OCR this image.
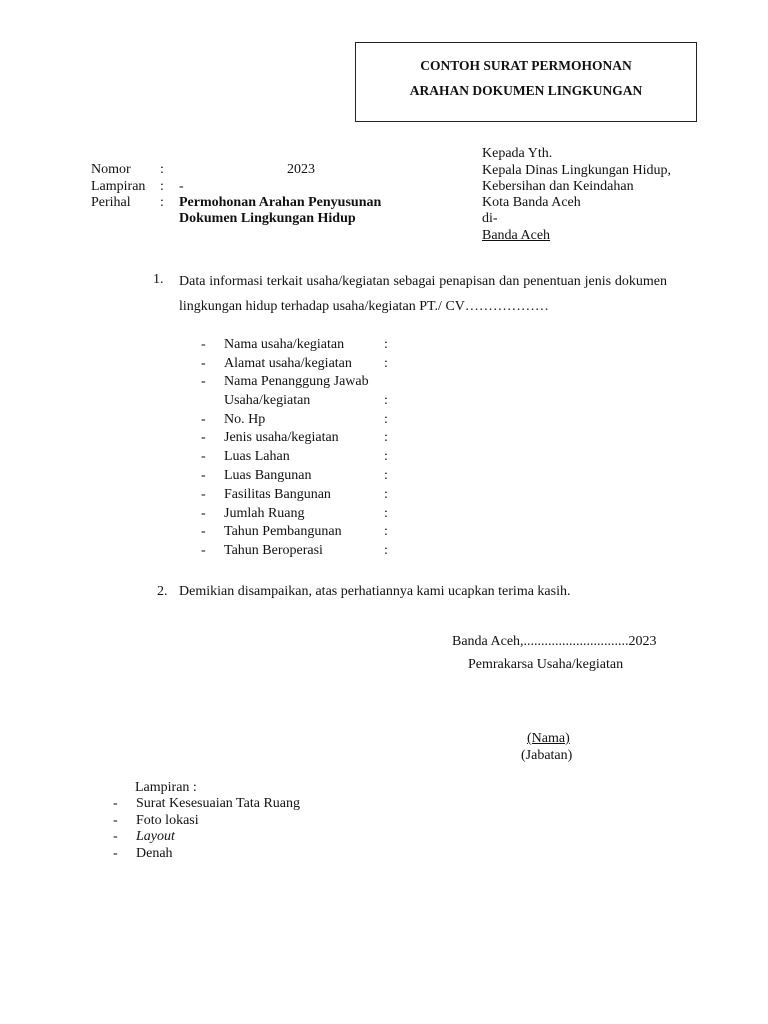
CONTOH SURAT PERMOHONAN
ARAHAN DOKUMEN LINGKUNGAN
Nomor :	2023
Lampiran : -
Perihal : Permohonan Arahan Penyusunan
Dokumen Lingkungan Hidup
Kepada Yth.
Kepala Dinas Lingkungan Hidup,
Kebersihan dan Keindahan
Kota Banda Aceh
di-
Banda Aceh
1. Data informasi terkait usaha/kegiatan sebagai penapisan dan penentuan jenis dokumen lingkungan hidup terhadap usaha/kegiatan PT./ CV………………
- Nama usaha/kegiatan	:
- Alamat usaha/kegiatan :
- Nama Penanggung Jawab
Usaha/kegiatan	:
- No. Hp	:
- Jenis usaha/kegiatan	:
- Luas Lahan	:
- Luas Bangunan	:
- Fasilitas Bangunan	:
- Jumlah Ruang	:
- Tahun Pembangunan	:
- Tahun Beroperasi	:
2. Demikian disampaikan, atas perhatiannya kami ucapkan terima kasih.
Banda Aceh,..............................2023
Pemrakarsa Usaha/kegiatan
(Nama)
(Jabatan)
Lampiran :
- Surat Kesesuaian Tata Ruang
- Foto lokasi
- Layout
- Denah
